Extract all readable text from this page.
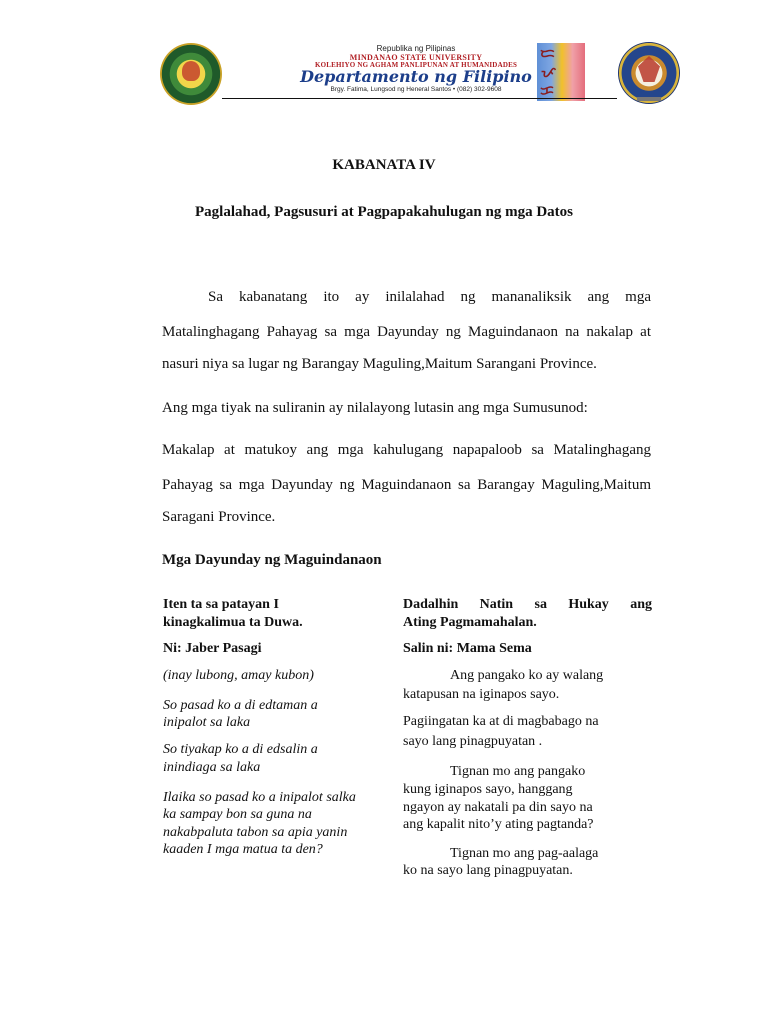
Republika ng Pilipinas
MINDANAO STATE UNIVERSITY
KOLEHIYO NG AGHAM PANLIPUNAN AT HUMANIDADES
Departamento ng Filipino
Brgy. Fatima, Lungsod ng Heneral Santos • (082) 302-9608
ᜇ
ᜉ
ᜃ
KABANATA IV
Paglalahad, Pagsusuri at Pagpapakahulugan ng mga Datos
Sa kabanatang ito ay inilalahad ng mananaliksik ang mga
Matalinghagang Pahayag sa mga Dayunday ng Maguindanaon na nakalap at
nasuri niya sa lugar ng Barangay Maguling,Maitum Sarangani Province.
Ang mga tiyak na suliranin ay nilalayong lutasin ang mga Sumusunod:
Makalap at matukoy ang mga kahulugang napapaloob sa Matalinghagang
Pahayag sa mga Dayunday ng Maguindanaon sa Barangay Maguling,Maitum
Saragani Province.
Mga Dayunday ng Maguindanaon
Iten ta sa patayan I
kinagkalimua ta Duwa.
Ni: Jaber Pasagi
(inay lubong, amay kubon)
So pasad ko a di edtaman a
inipalot sa laka
So tiyakap ko a di edsalin a
inindiaga sa laka
Ilaika so pasad ko a inipalot salka
ka sampay bon sa guna na
nakabpaluta tabon sa apia yanin
kaaden I mga matua ta den?
Dadalhin Natin sa Hukay ang
Ating Pagmamahalan.
Salin ni: Mama Sema
Ang pangako ko ay walang
katapusan na iginapos sayo.
Pagiingatan ka at di magbabago na
sayo lang pinagpuyatan .
Tignan mo ang pangako
kung iginapos sayo, hanggang
ngayon ay nakatali pa din sayo na
ang kapalit nito’y ating pagtanda?
Tignan mo ang pag-aalaga
ko na sayo lang pinagpuyatan.
